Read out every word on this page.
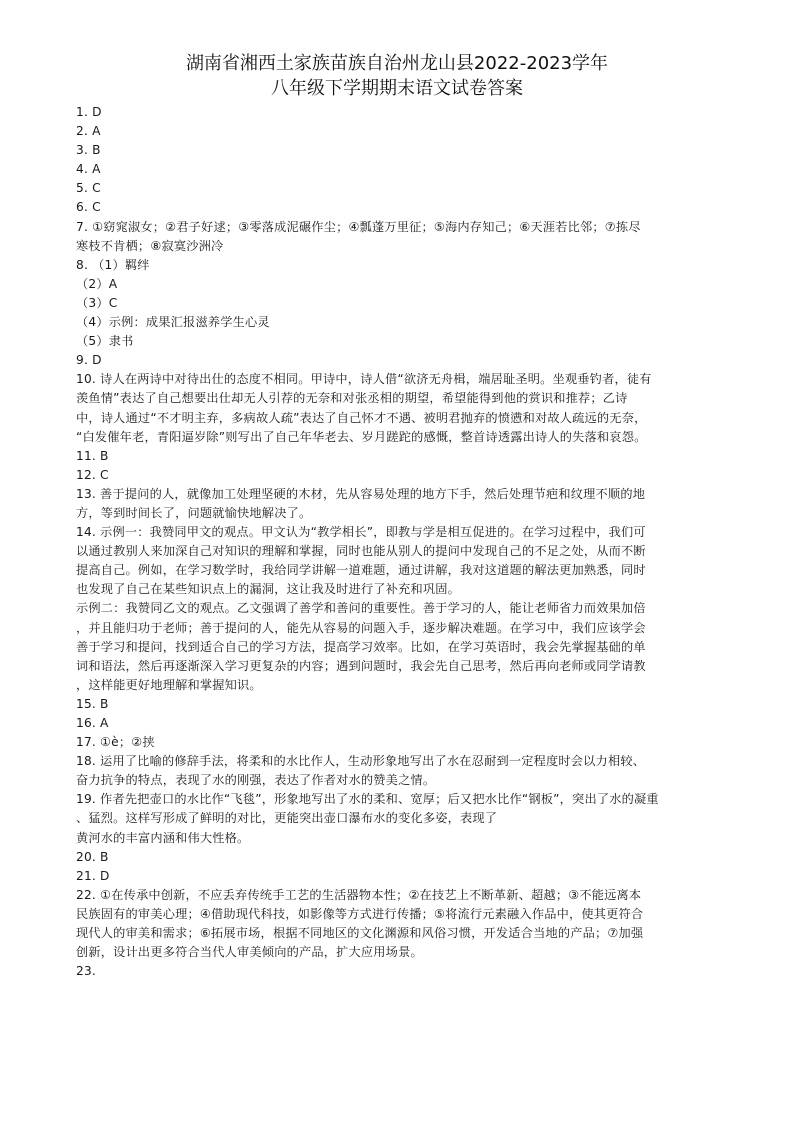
湖南省湘西土家族苗族自治州龙山县2022-2023学年
八年级下学期期末语文试卷答案
1. D
2. A
3. B
4. A
5. C
6. C
7. ①窈窕淑女；②君子好逑；③零落成泥碾作尘；④瓢蓬万里征；⑤海内存知己；⑥天涯若比邻；⑦拣尽
寒枝不肯栖；⑧寂寞沙洲冷
8. （1）羁绊
（2）A
（3）C
（4）示例：成果汇报滋养学生心灵
（5）隶书
9. D
10. 诗人在两诗中对待出仕的态度不相同。甲诗中，诗人借“欲济无舟楫，端居耻圣明。坐观垂钓者，徒有
羡鱼情”表达了自己想要出仕却无人引荐的无奈和对张丞相的期望，希望能得到他的赏识和推荐；乙诗
中，诗人通过“不才明主弃，多病故人疏”表达了自己怀才不遇、被明君抛弃的愤懑和对故人疏远的无奈，
“白发催年老，青阳逼岁除”则写出了自己年华老去、岁月蹉跎的感慨，整首诗透露出诗人的失落和哀怨。
11. B
12. C
13. 善于提问的人，就像加工处理坚硬的木材，先从容易处理的地方下手，然后处理节疤和纹理不顺的地
方，等到时间长了，问题就愉快地解决了。
14. 示例一：我赞同甲文的观点。甲文认为“教学相长”，即教与学是相互促进的。在学习过程中，我们可
以通过教别人来加深自己对知识的理解和掌握，同时也能从别人的提问中发现自己的不足之处，从而不断
提高自己。例如，在学习数学时，我给同学讲解一道难题，通过讲解，我对这道题的解法更加熟悉，同时
也发现了自己在某些知识点上的漏洞，这让我及时进行了补充和巩固。
示例二：我赞同乙文的观点。乙文强调了善学和善问的重要性。善于学习的人，能让老师省力而效果加倍
，并且能归功于老师；善于提问的人，能先从容易的问题入手，逐步解决难题。在学习中，我们应该学会
善于学习和提问，找到适合自己的学习方法，提高学习效率。比如，在学习英语时，我会先掌握基础的单
词和语法，然后再逐渐深入学习更复杂的内容；遇到问题时，我会先自己思考，然后再向老师或同学请教
，这样能更好地理解和掌握知识。
15. B
16. A
17. ①è；②挟
18. 运用了比喻的修辞手法，将柔和的水比作人，生动形象地写出了水在忍耐到一定程度时会以力相较、
奋力抗争的特点，表现了水的刚强，表达了作者对水的赞美之情。
19. 作者先把壶口的水比作“飞毯”，形象地写出了水的柔和、宽厚；后又把水比作“钢板”，突出了水的凝重
、猛烈。这样写形成了鲜明的对比，更能突出壶口瀑布水的变化多姿，表现了
黄河水的丰富内涵和伟大性格。
20. B
21. D
22. ①在传承中创新，不应丢弃传统手工艺的生活器物本性；②在技艺上不断革新、超越；③不能远离本
民族固有的审美心理；④借助现代科技，如影像等方式进行传播；⑤将流行元素融入作品中，使其更符合
现代人的审美和需求；⑥拓展市场，根据不同地区的文化渊源和风俗习惯，开发适合当地的产品；⑦加强
创新，设计出更多符合当代人审美倾向的产品，扩大应用场景。
23.
